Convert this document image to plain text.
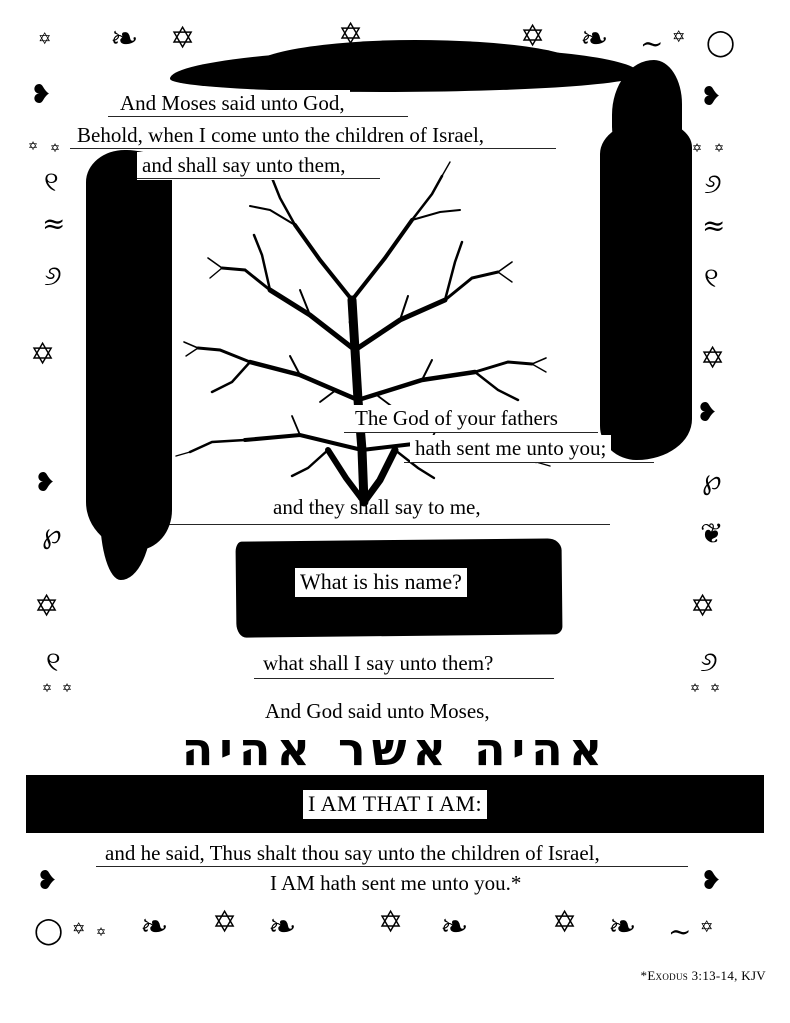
✡ ❧ ✡	✡	✡ ❧	✡ ◯
~
❥
✡ ✡
୧
≈
୬
✡
❥
℘
✡
୧
✡ ✡
❥
✡ ✡
୬
≈
୧
✡
❥
℘
❦
✡
୬
✡ ✡
אהיה אשר אהיה
◯ ✡ ✡ ❧ ✡ ❧	✡ ❧	✡ ❧ ~ ✡
❥	❥
And Moses said unto God,
Behold, when I come unto the children of Israel,
and shall say unto them,
The God of your fathers
hath sent me unto you;
and they shall say to me,
What is his name?
what shall I say unto them?
And God said unto Moses,
I AM THAT I AM:
and he said, Thus shalt thou say unto the children of Israel,
I AM hath sent me unto you.*
*Exodus 3:13-14, KJV
